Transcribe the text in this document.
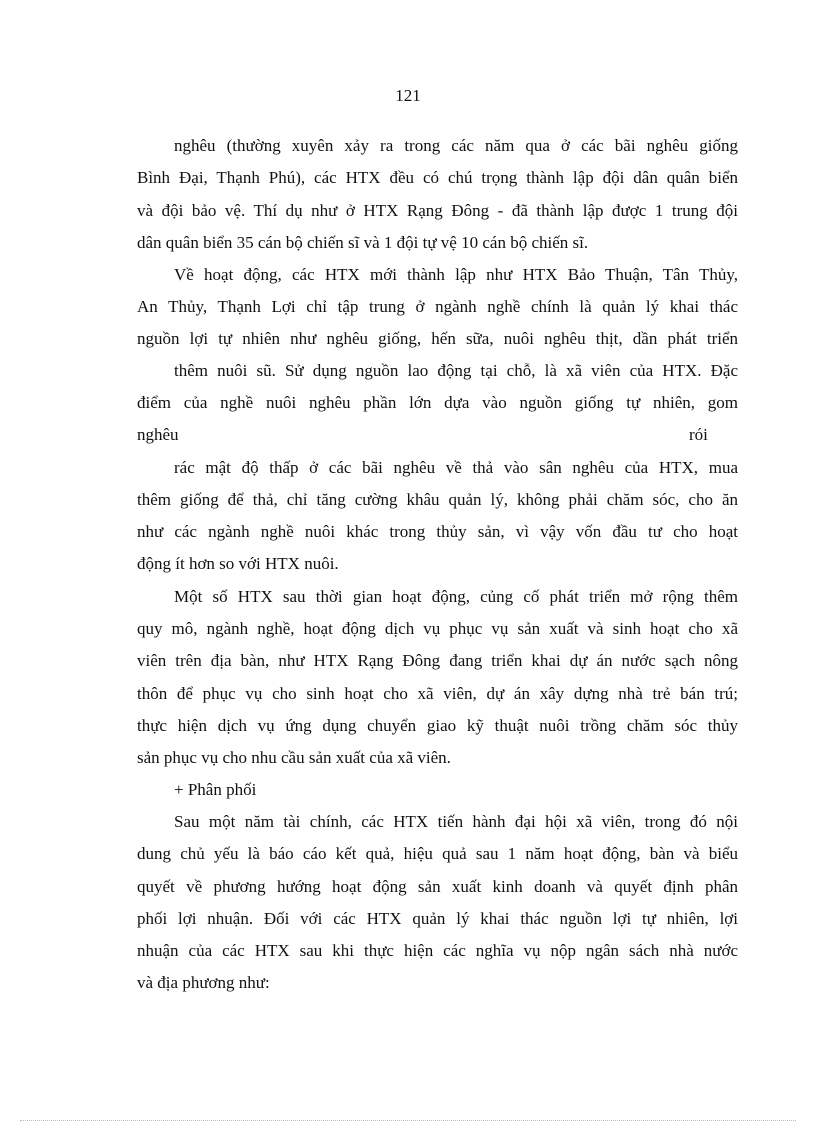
121
nghêu (thường xuyên xảy ra trong các năm qua ở các bãi nghêu giống
Bình Đại, Thạnh Phú), các HTX đều có chú trọng thành lập đội dân quân biển
và đội bảo vệ. Thí dụ như ở HTX Rạng Đông - đã thành lập được 1 trung đội
dân quân biển 35 cán bộ chiến sĩ và 1 đội tự vệ 10 cán bộ chiến sĩ.
Về hoạt động, các HTX mới thành lập như HTX Bảo Thuận, Tân Thủy,
An Thủy, Thạnh Lợi chỉ tập trung ở ngành nghề chính là quản lý khai thác
nguồn lợi tự nhiên như nghêu giống, hến sữa, nuôi nghêu thịt, dần phát triển
thêm nuôi sũ. Sử dụng nguồn lao động tại chỗ, là xã viên của HTX. Đặc
điểm của nghề nuôi nghêu phần lớn dựa vào nguồn giống tự nhiên, gom
nghêu	rói
rác mật độ thấp ở các bãi nghêu về thả vào sân nghêu của HTX, mua
thêm giống để thả, chỉ tăng cường khâu quản lý, không phải chăm sóc, cho ăn
như các ngành nghề nuôi khác trong thủy sản, vì vậy vốn đầu tư cho hoạt
động ít hơn so với HTX nuôi.
Một số HTX sau thời gian hoạt động, củng cố phát triển mở rộng thêm
quy mô, ngành nghề, hoạt động dịch vụ phục vụ sản xuất và sinh hoạt cho xã
viên trên địa bàn, như HTX Rạng Đông đang triển khai dự án nước sạch nông
thôn để phục vụ cho sinh hoạt cho xã viên, dự án xây dựng nhà trẻ bán trú;
thực hiện dịch vụ ứng dụng chuyển giao kỹ thuật nuôi trồng chăm sóc thủy
sản phục vụ cho nhu cầu sản xuất của xã viên.
+ Phân phối
Sau một năm tài chính, các HTX tiến hành đại hội xã viên, trong đó nội
dung chủ yếu là báo cáo kết quả, hiệu quả sau 1 năm hoạt động, bàn và biểu
quyết về phương hướng hoạt động sản xuất kinh doanh và quyết định phân
phối lợi nhuận. Đối với các HTX quản lý khai thác nguồn lợi tự nhiên, lợi
nhuận của các HTX sau khi thực hiện các nghĩa vụ nộp ngân sách nhà nước
và địa phương như:
